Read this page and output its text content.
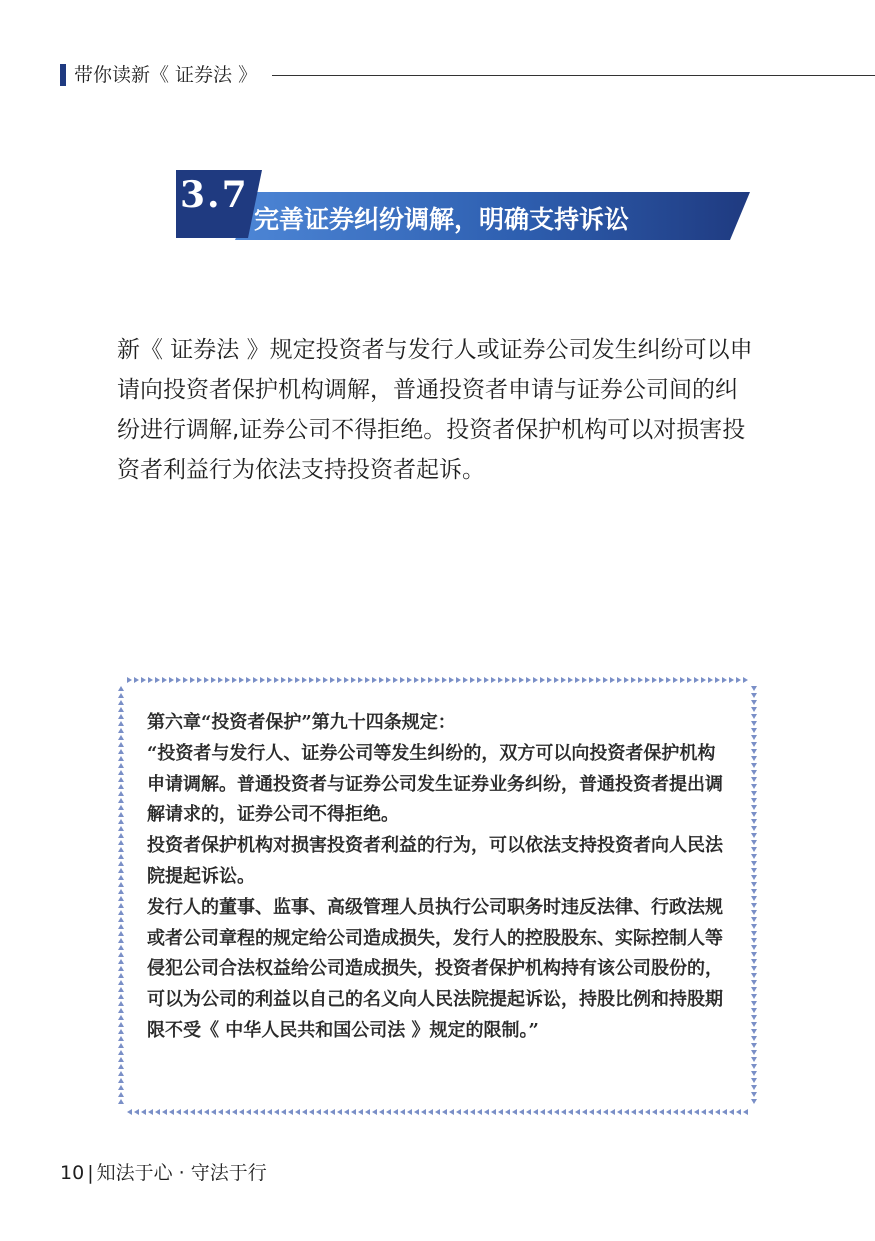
带你读新《 证券法 》
3.7
完善证券纠纷调解，明确支持诉讼
新《 证券法 》规定投资者与发行人或证券公司发生纠纷可以申请向投资者保护机构调解，普通投资者申请与证券公司间的纠纷进行调解,证券公司不得拒绝。投资者保护机构可以对损害投资者利益行为依法支持投资者起诉。

第六章“投资者保护”第九十四条规定：

“投资者与发行人、证券公司等发生纠纷的，双方可以向投资者保护机构申请调解。普通投资者与证券公司发生证券业务纠纷，普通投资者提出调解请求的，证券公司不得拒绝。

投资者保护机构对损害投资者利益的行为，可以依法支持投资者向人民法院提起诉讼。

发行人的董事、监事、高级管理人员执行公司职务时违反法律、行政法规或者公司章程的规定给公司造成损失，发行人的控股股东、实际控制人等侵犯公司合法权益给公司造成损失，投资者保护机构持有该公司股份的，可以为公司的利益以自己的名义向人民法院提起诉讼，持股比例和持股期限不受《 中华人民共和国公司法 》规定的限制。”

10 | 知法于心 · 守法于行
